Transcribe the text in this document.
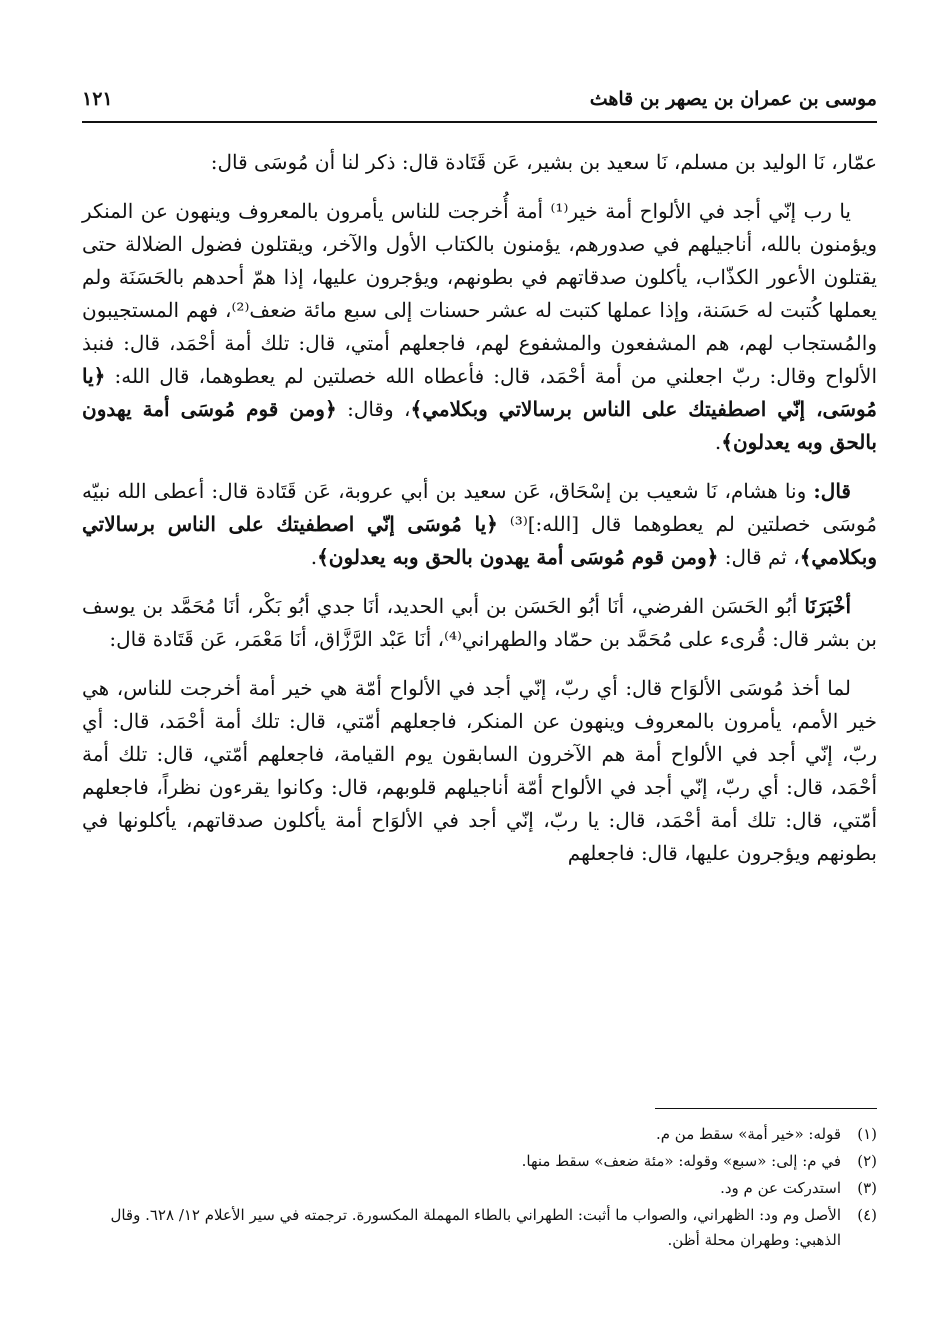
موسى بن عمران بن يصهر بن قاهث
١٢١

عمّار، نَا الوليد بن مسلم، نَا سعيد بن بشير، عَن قَتَادة قال: ذكر لنا أن مُوسَى قال:

يا رب إنّي أجد في الألواح أمة خير⁽¹⁾ أمة أُخرجت للناس يأمرون بالمعروف وينهون عن المنكر ويؤمنون بالله، أناجيلهم في صدورهم، يؤمنون بالكتاب الأول والآخر، ويقتلون فضول الضلالة حتى يقتلون الأعور الكذّاب، يأكلون صدقاتهم في بطونهم، ويؤجرون عليها، إذا همّ أحدهم بالحَسَنَة ولم يعملها كُتبت له حَسَنة، وإذا عملها كتبت له عشر حسنات إلى سبع مائة ضعف⁽²⁾، فهم المستجيبون والمُستجاب لهم، هم المشفعون والمشفوع لهم، فاجعلهم أمتي، قال: تلك أمة أحْمَد، قال: فنبذ الألواح وقال: ربّ اجعلني من أمة أحْمَد، قال: فأعطاه الله خصلتين لم يعطوهما، قال الله: ﴿يا مُوسَى، إنّي اصطفيتك على الناس برسالاتي وبكلامي﴾، وقال: ﴿ومن قوم مُوسَى أمة يهدون بالحق وبه يعدلون﴾.

قال: ونا هشام، نَا شعيب بن إسْحَاق، عَن سعيد بن أبي عروبة، عَن قَتَادة قال: أعطى الله نبيّه مُوسَى خصلتين لم يعطوهما قال [الله:]⁽³⁾ ﴿يا مُوسَى إنّي اصطفيتك على الناس برسالاتي وبكلامي﴾، ثم قال: ﴿ومن قوم مُوسَى أمة يهدون بالحق وبه يعدلون﴾.

أخْبَرَنَا أبُو الحَسَن الفرضي، أنَا أبُو الحَسَن بن أبي الحديد، أنَا جدي أبُو بَكْر، أنَا مُحَمَّد بن يوسف بن بشر قال: قُرىء على مُحَمَّد بن حمّاد والطهراني⁽⁴⁾، أنَا عَبْد الرَّزَّاق، أنَا مَعْمَر، عَن قَتَادة قال:

لما أخذ مُوسَى الألوَاح قال: أي ربّ، إنّي أجد في الألواح أمّة هي خير أمة أخرجت للناس، هي خير الأمم، يأمرون بالمعروف وينهون عن المنكر، فاجعلهم أمّتي، قال: تلك أمة أحْمَد، قال: أي ربّ، إنّي أجد في الألواح أمة هم الآخرون السابقون يوم القيامة، فاجعلهم أمّتي، قال: تلك أمة أحْمَد، قال: أي ربّ، إنّي أجد في الألواح أمّة أناجيلهم قلوبهم، قال: وكانوا يقرءون نظراً، فاجعلهم أمّتي، قال: تلك أمة أحْمَد، قال: يا ربّ، إنّي أجد في الألوَاح أمة يأكلون صدقاتهم، يأكلونها في بطونهم ويؤجرون عليها، قال: فاجعلهم

(١)
قوله: «خير أمة» سقط من م.
(٢)
في م: إلى: «سبع» وقوله: «مئة ضعف» سقط منها.
(٣)
استدركت عن م ود.
(٤)
الأصل وم ود: الظهراني، والصواب ما أثبت: الطهراني بالطاء المهملة المكسورة. ترجمته في سير الأعلام ١٢/ ٦٢٨. وقال الذهبي: وطهران محلة أظن.
